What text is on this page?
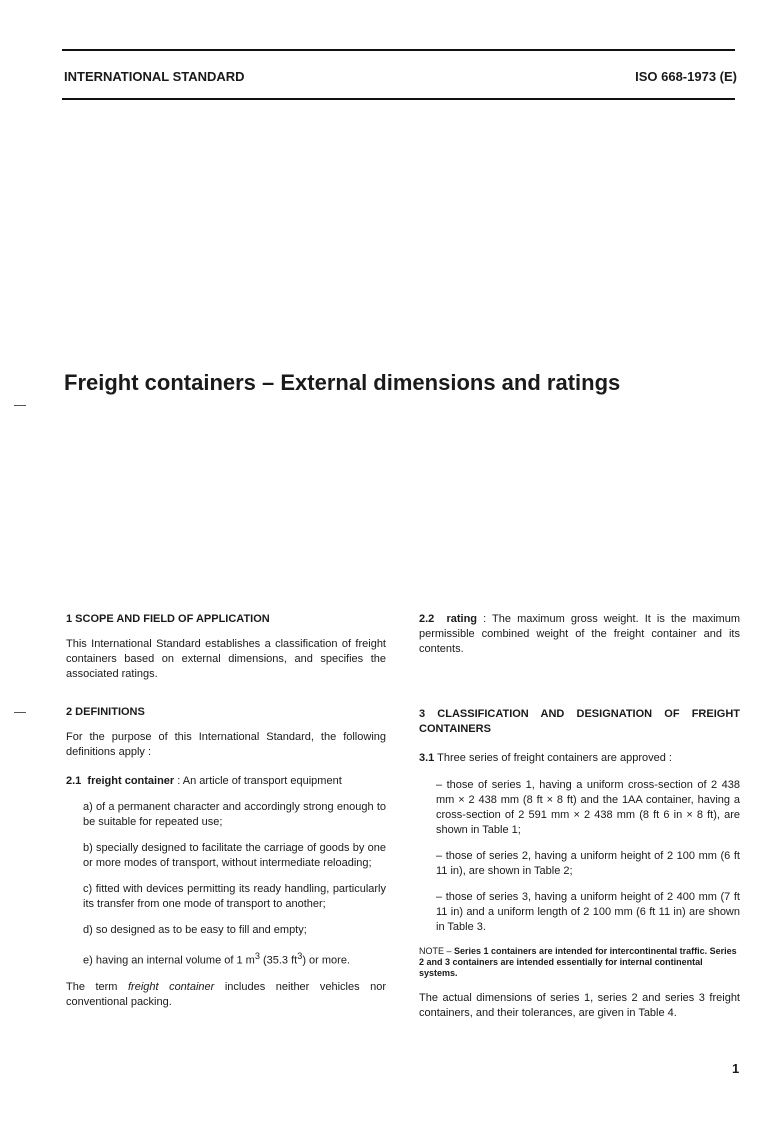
INTERNATIONAL STANDARD	ISO 668-1973 (E)
Freight containers – External dimensions and ratings
1 SCOPE AND FIELD OF APPLICATION

This International Standard establishes a classification of freight containers based on external dimensions, and specifies the associated ratings.

2 DEFINITIONS

For the purpose of this International Standard, the following definitions apply :

2.1 freight container : An article of transport equipment

a) of a permanent character and accordingly strong enough to be suitable for repeated use;

b) specially designed to facilitate the carriage of goods by one or more modes of transport, without intermediate reloading;

c) fitted with devices permitting its ready handling, particularly its transfer from one mode of transport to another;

d) so designed as to be easy to fill and empty;

e) having an internal volume of 1 $m^3$ (35.3 $ft^3$) or more.

The term freight container includes neither vehicles nor conventional packing.

2.2 rating : The maximum gross weight. It is the maximum permissible combined weight of the freight container and its contents.

3 CLASSIFICATION AND DESIGNATION OF FREIGHT CONTAINERS

3.1 Three series of freight containers are approved :

– those of series 1, having a uniform cross-section of 2 438 mm × 2 438 mm (8 ft × 8 ft) and the 1AA container, having a cross-section of 2 591 mm × 2 438 mm (8 ft 6 in × 8 ft), are shown in Table 1;

– those of series 2, having a uniform height of 2 100 mm (6 ft 11 in), are shown in Table 2;

– those of series 3, having a uniform height of 2 400 mm (7 ft 11 in) and a uniform length of 2 100 mm (6 ft 11 in) are shown in Table 3.

NOTE – Series 1 containers are intended for intercontinental traffic. Series 2 and 3 containers are intended essentially for internal continental systems.

The actual dimensions of series 1, series 2 and series 3 freight containers, and their tolerances, are given in Table 4.

1
